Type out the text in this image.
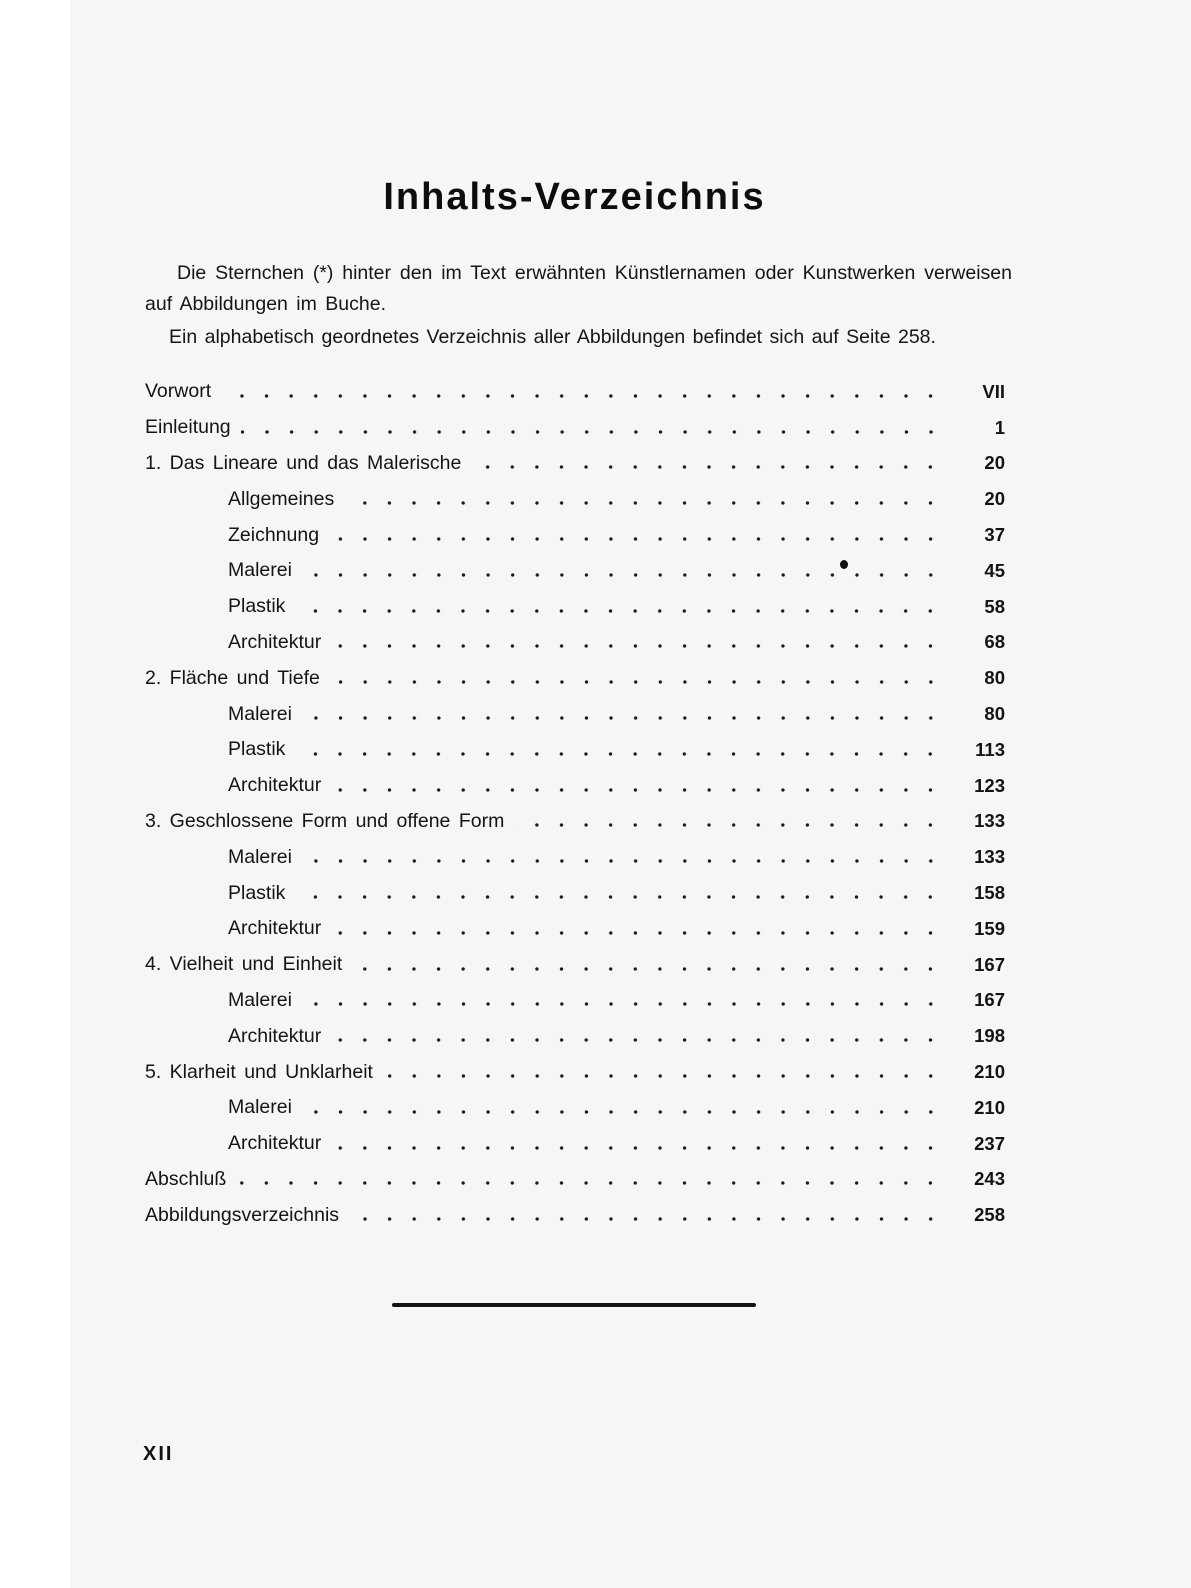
Inhalts-Verzeichnis

Die Sternchen (*) hinter den im Text erwähnten Künstlernamen oder Kunstwerken verweisen auf Abbildungen im Buche.

Ein alphabetisch geordnetes Verzeichnis aller Abbildungen befindet sich auf Seite 258.

Vorwort	VII
Einleitung	1
1. Das Lineare und das Malerische	20
Allgemeines	20
Zeichnung	37
Malerei	45
Plastik	58
Architektur	68
2. Fläche und Tiefe	80
Malerei	80
Plastik	113
Architektur	123
3. Geschlossene Form und offene Form	133
Malerei	133
Plastik	158
Architektur	159
4. Vielheit und Einheit	167
Malerei	167
Architektur	198
5. Klarheit und Unklarheit	210
Malerei	210
Architektur	237
Abschluß	243
Abbildungsverzeichnis	258
XII
